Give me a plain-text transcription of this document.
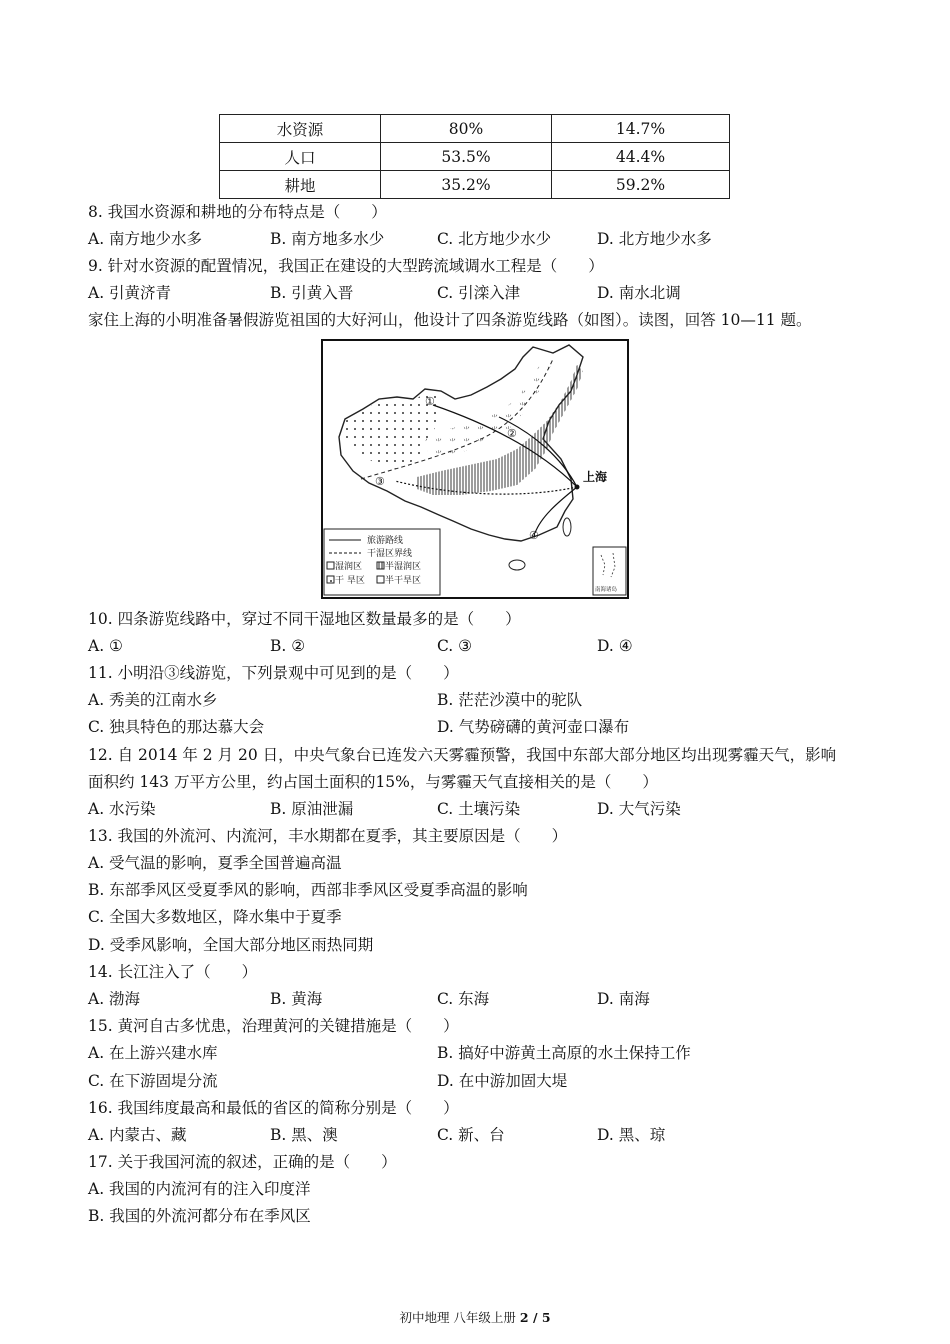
水资源	80%	14.7%
人口	53.5%	44.4%
耕地	35.2%	59.2%
8. 我国水资源和耕地的分布特点是（　　）
A. 南方地少水多	B. 南方地多水少	C. 北方地少水少	D. 北方地少水多
9. 针对水资源的配置情况，我国正在建设的大型跨流域调水工程是（　　）
A. 引黄济青	B. 引黄入晋	C. 引滦入津	D. 南水北调
家住上海的小明准备暑假游览祖国的大好河山，他设计了四条游览线路（如图）。读图，回答 10—11 题。
上海
①
②
③
④
旅游路线
干湿区界线
湿润区	半湿润区
干 旱区 半干旱区
南海诸岛
10. 四条游览线路中，穿过不同干湿地区数量最多的是（　　）
A. ①	B. ②	C. ③	D. ④
11. 小明沿③线游览，下列景观中可见到的是（　　）
A. 秀美的江南水乡	B. 茫茫沙漠中的驼队
C. 独具特色的那达慕大会	D. 气势磅礴的黄河壶口瀑布
12. 自 2014 年 2 月 20 日，中央气象台已连发六天雾霾预警，我国中东部大部分地区均出现雾霾天气，影响
面积约 143 万平方公里，约占国土面积的15%，与雾霾天气直接相关的是（　　）
A. 水污染	B. 原油泄漏	C. 土壤污染	D. 大气污染
13. 我国的外流河、内流河，丰水期都在夏季，其主要原因是（　　）
A. 受气温的影响，夏季全国普遍高温
B. 东部季风区受夏季风的影响，西部非季风区受夏季高温的影响
C. 全国大多数地区，降水集中于夏季
D. 受季风影响，全国大部分地区雨热同期
14. 长江注入了（　　）
A. 渤海	B. 黄海	C. 东海	D. 南海
15. 黄河自古多忧患，治理黄河的关键措施是（　　）
A. 在上游兴建水库	B. 搞好中游黄土高原的水土保持工作
C. 在下游固堤分流	D. 在中游加固大堤
16. 我国纬度最高和最低的省区的简称分别是（　　）
A. 内蒙古、藏	B. 黑、澳	C. 新、台	D. 黑、琼
17. 关于我国河流的叙述，正确的是（　　）
A. 我国的内流河有的注入印度洋
B. 我国的外流河都分布在季风区
初中地理 八年级上册 2 / 5
